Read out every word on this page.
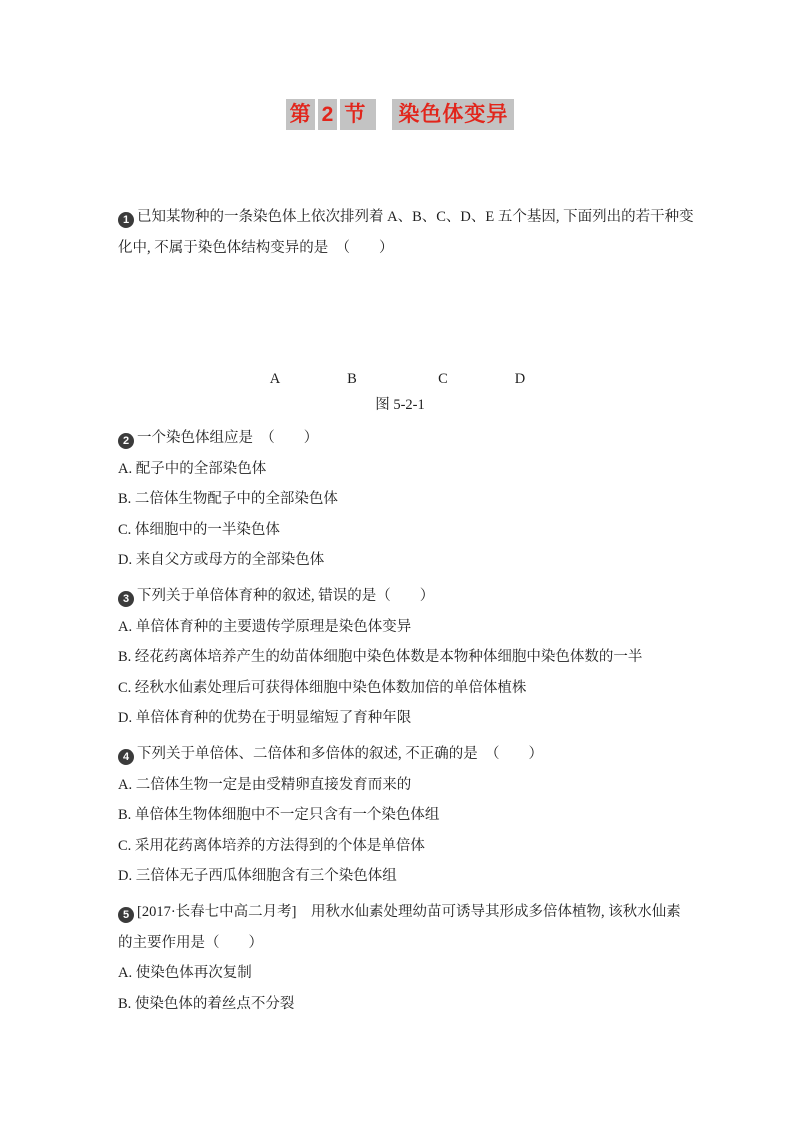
第 2 节	染色体变异
1 已知某物种的一条染色体上依次排列着 A、B、C、D、E 五个基因, 下面列出的若干种变
化中, 不属于染色体结构变异的是　（　　）
A	B	C	D
图 5-2-1
2 一个染色体组应是　（　　）
A. 配子中的全部染色体
B. 二倍体生物配子中的全部染色体
C. 体细胞中的一半染色体
D. 来自父方或母方的全部染色体
3 下列关于单倍体育种的叙述, 错误的是（　　）
A. 单倍体育种的主要遗传学原理是染色体变异
B. 经花药离体培养产生的幼苗体细胞中染色体数是本物种体细胞中染色体数的一半
C. 经秋水仙素处理后可获得体细胞中染色体数加倍的单倍体植株
D. 单倍体育种的优势在于明显缩短了育种年限
4 下列关于单倍体、二倍体和多倍体的叙述, 不正确的是　（　　）
A. 二倍体生物一定是由受精卵直接发育而来的
B. 单倍体生物体细胞中不一定只含有一个染色体组
C. 采用花药离体培养的方法得到的个体是单倍体
D. 三倍体无子西瓜体细胞含有三个染色体组
5 [2017·长春七中高二月考]　用秋水仙素处理幼苗可诱导其形成多倍体植物, 该秋水仙素
的主要作用是（　　）
A. 使染色体再次复制
B. 使染色体的着丝点不分裂
